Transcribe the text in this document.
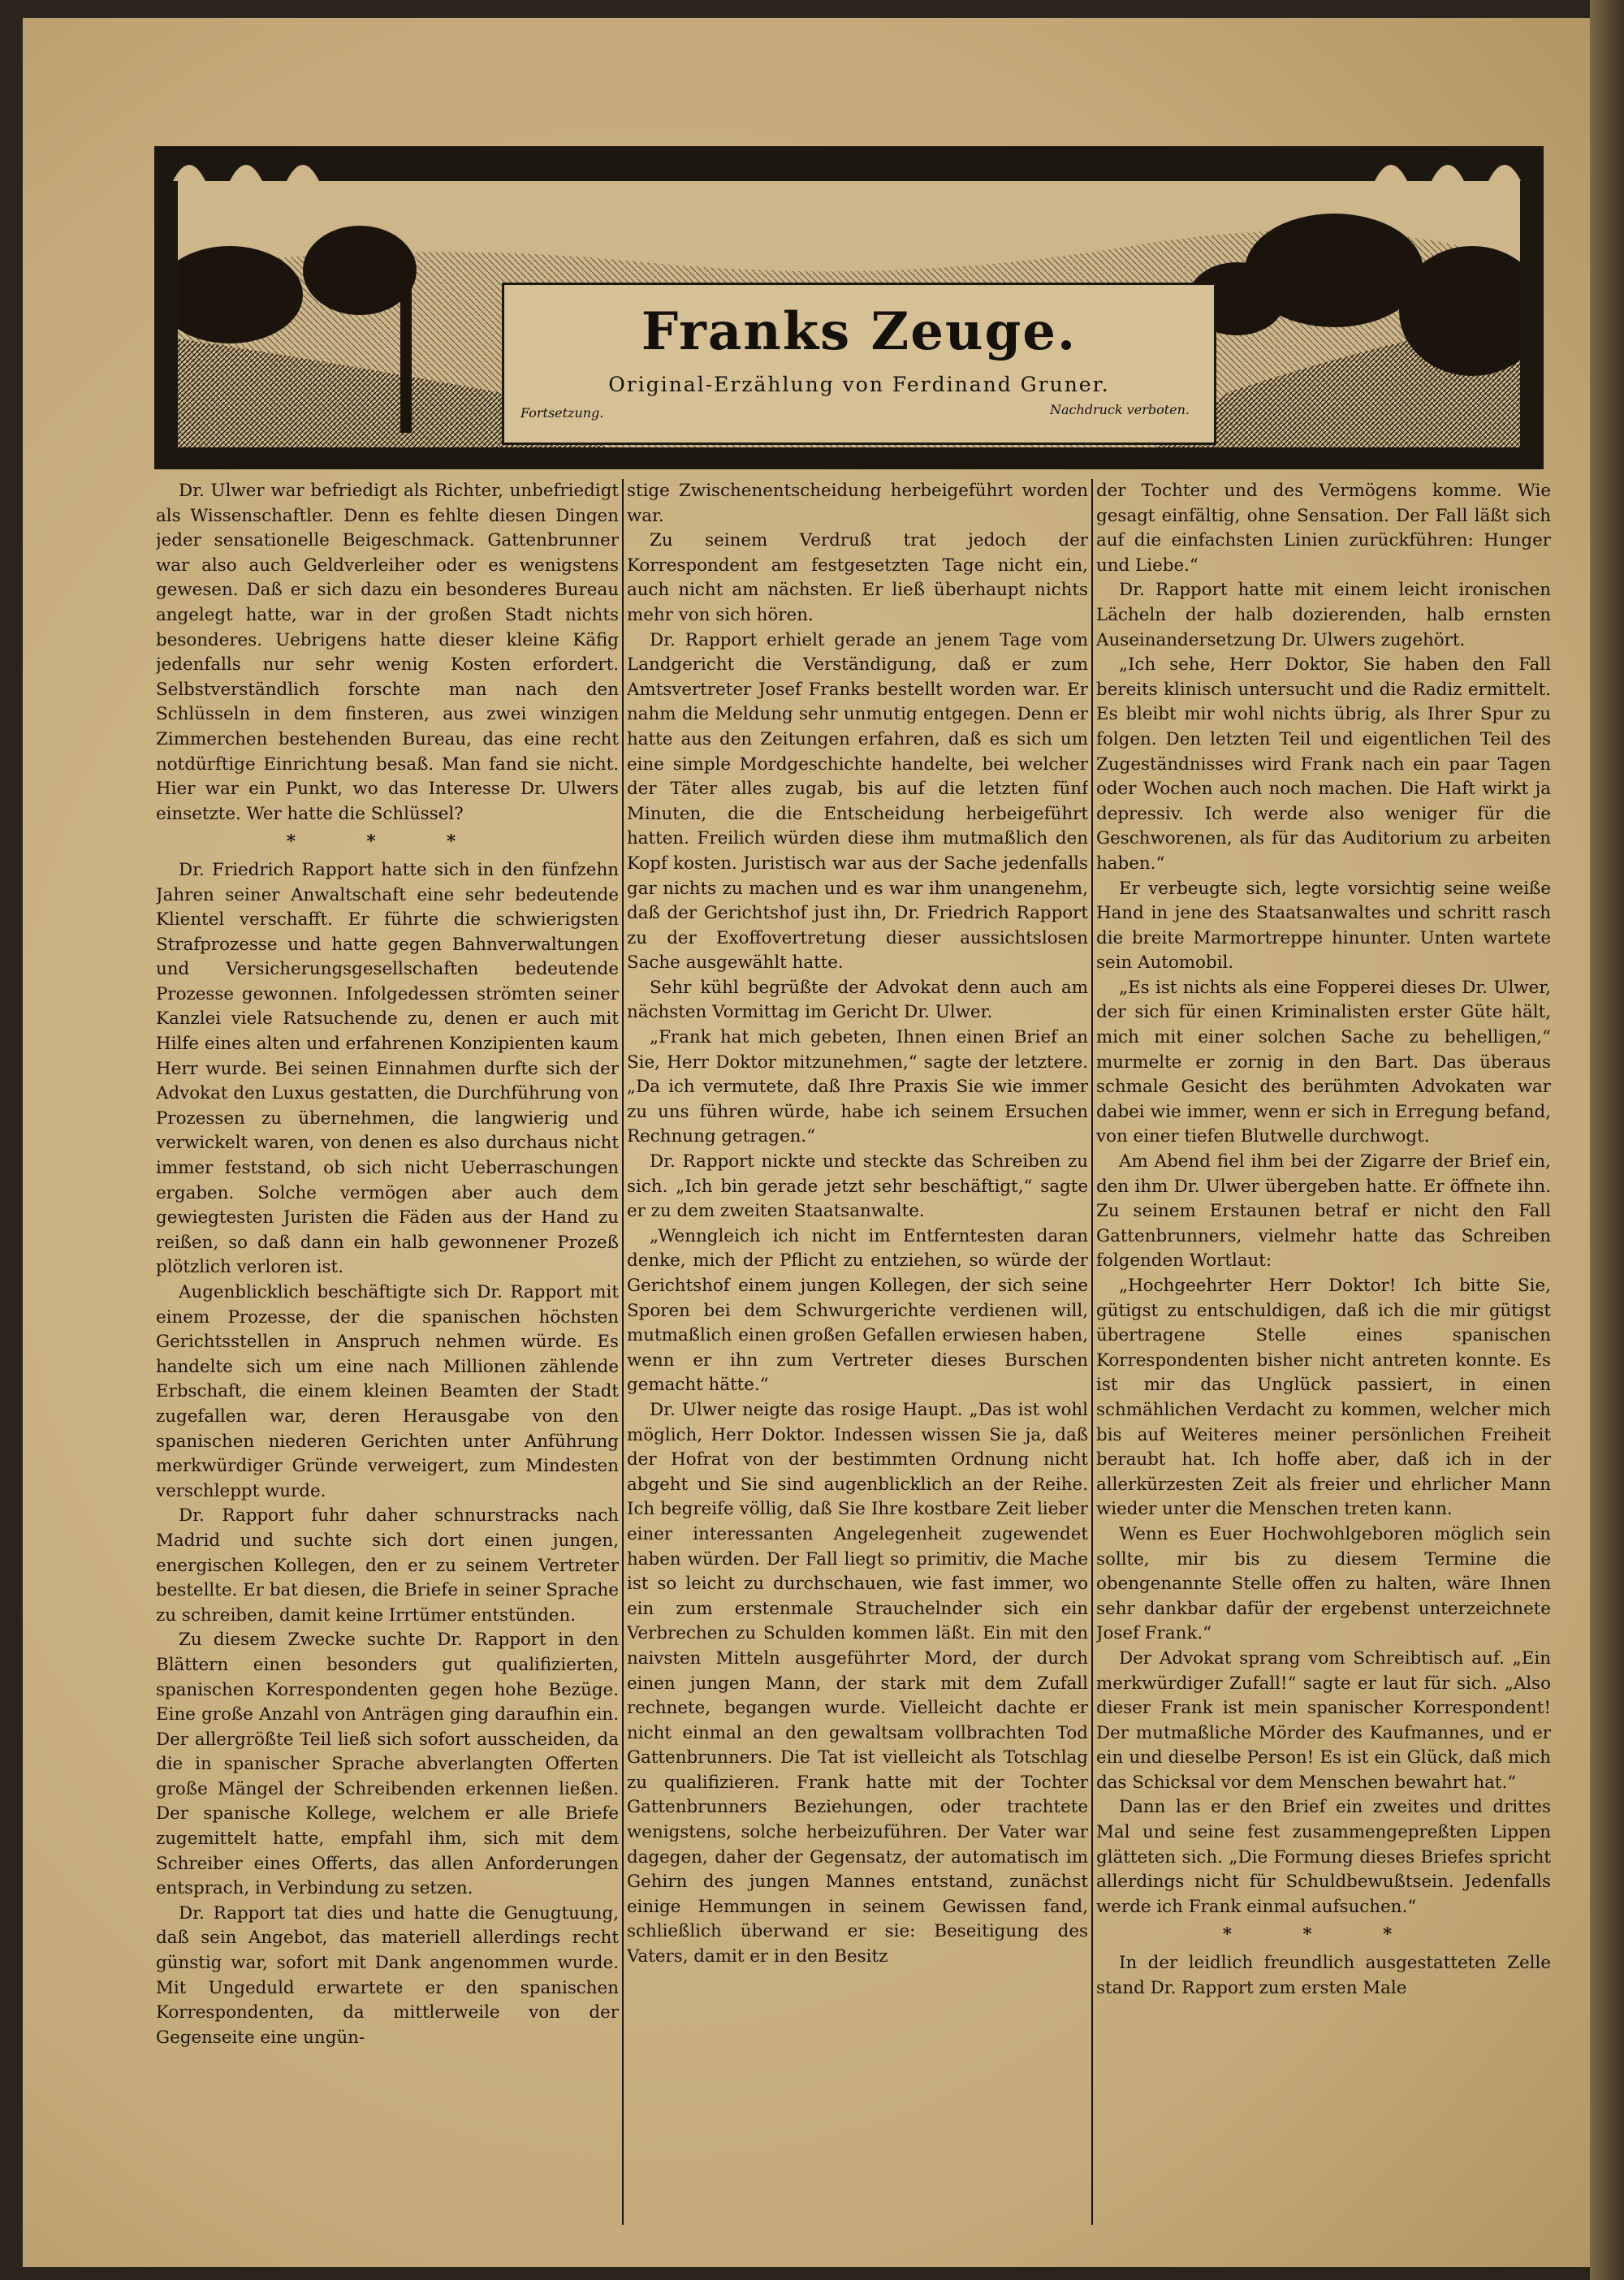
Franks Zeuge.
Original-Erzählung von Ferdinand Gruner.
Fortsetzung.	Nachdruck verboten.

Dr. Ulwer war befriedigt als Richter, unbefriedigt als Wissenschaftler. Denn es fehlte diesen Dingen jeder sensationelle Beigeschmack. Gattenbrunner war also auch Geldverleiher oder es wenigstens gewesen. Daß er sich dazu ein besonderes Bureau angelegt hatte, war in der großen Stadt nichts besonderes. Uebrigens hatte dieser kleine Käfig jedenfalls nur sehr wenig Kosten erfordert. Selbstverständlich forschte man nach den Schlüsseln in dem finsteren, aus zwei winzigen Zimmerchen bestehenden Bureau, das eine recht notdürftige Einrichtung besaß. Man fand sie nicht. Hier war ein Punkt, wo das Interesse Dr. Ulwers einsetzte. Wer hatte die Schlüssel?

* * *

Dr. Friedrich Rapport hatte sich in den fünfzehn Jahren seiner Anwaltschaft eine sehr bedeutende Klientel verschafft. Er führte die schwierigsten Strafprozesse und hatte gegen Bahnverwaltungen und Versicherungsgesellschaften bedeutende Prozesse gewonnen. Infolgedessen strömten seiner Kanzlei viele Ratsuchende zu, denen er auch mit Hilfe eines alten und erfahrenen Konzipienten kaum Herr wurde. Bei seinen Einnahmen durfte sich der Advokat den Luxus gestatten, die Durchführung von Prozessen zu übernehmen, die langwierig und verwickelt waren, von denen es also durchaus nicht immer feststand, ob sich nicht Ueberraschungen ergaben. Solche vermögen aber auch dem gewiegtesten Juristen die Fäden aus der Hand zu reißen, so daß dann ein halb gewonnener Prozeß plötzlich verloren ist.

Augenblicklich beschäftigte sich Dr. Rapport mit einem Prozesse, der die spanischen höchsten Gerichtsstellen in Anspruch nehmen würde. Es handelte sich um eine nach Millionen zählende Erbschaft, die einem kleinen Beamten der Stadt zugefallen war, deren Herausgabe von den spanischen niederen Gerichten unter Anführung merkwürdiger Gründe verweigert, zum Mindesten verschleppt wurde.

Dr. Rapport fuhr daher schnurstracks nach Madrid und suchte sich dort einen jungen, energischen Kollegen, den er zu seinem Vertreter bestellte. Er bat diesen, die Briefe in seiner Sprache zu schreiben, damit keine Irrtümer entstünden.

Zu diesem Zwecke suchte Dr. Rapport in den Blättern einen besonders gut qualifizierten, spanischen Korrespondenten gegen hohe Bezüge. Eine große Anzahl von Anträgen ging daraufhin ein. Der allergrößte Teil ließ sich sofort ausscheiden, da die in spanischer Sprache abverlangten Offerten große Mängel der Schreibenden erkennen ließen. Der spanische Kollege, welchem er alle Briefe zugemittelt hatte, empfahl ihm, sich mit dem Schreiber eines Offerts, das allen Anforderungen entsprach, in Verbindung zu setzen.

Dr. Rapport tat dies und hatte die Genugtuung, daß sein Angebot, das materiell allerdings recht günstig war, sofort mit Dank angenommen wurde. Mit Ungeduld erwartete er den spanischen Korrespondenten, da mittlerweile von der Gegenseite eine ungün-

stige Zwischenentscheidung herbeigeführt worden war.

Zu seinem Verdruß trat jedoch der Korrespondent am festgesetzten Tage nicht ein, auch nicht am nächsten. Er ließ überhaupt nichts mehr von sich hören.

Dr. Rapport erhielt gerade an jenem Tage vom Landgericht die Verständigung, daß er zum Amtsvertreter Josef Franks bestellt worden war. Er nahm die Meldung sehr unmutig entgegen. Denn er hatte aus den Zeitungen erfahren, daß es sich um eine simple Mordgeschichte handelte, bei welcher der Täter alles zugab, bis auf die letzten fünf Minuten, die die Entscheidung herbeigeführt hatten. Freilich würden diese ihm mutmaßlich den Kopf kosten. Juristisch war aus der Sache jedenfalls gar nichts zu machen und es war ihm unangenehm, daß der Gerichtshof just ihn, Dr. Friedrich Rapport zu der Exoffovertretung dieser aussichtslosen Sache ausgewählt hatte.

Sehr kühl begrüßte der Advokat denn auch am nächsten Vormittag im Gericht Dr. Ulwer.

„Frank hat mich gebeten, Ihnen einen Brief an Sie, Herr Doktor mitzunehmen,“ sagte der letztere. „Da ich vermutete, daß Ihre Praxis Sie wie immer zu uns führen würde, habe ich seinem Ersuchen Rechnung getragen.“

Dr. Rapport nickte und steckte das Schreiben zu sich. „Ich bin gerade jetzt sehr beschäftigt,“ sagte er zu dem zweiten Staatsanwalte.

„Wenngleich ich nicht im Entferntesten daran denke, mich der Pflicht zu entziehen, so würde der Gerichtshof einem jungen Kollegen, der sich seine Sporen bei dem Schwurgerichte verdienen will, mutmaßlich einen großen Gefallen erwiesen haben, wenn er ihn zum Vertreter dieses Burschen gemacht hätte.“

Dr. Ulwer neigte das rosige Haupt. „Das ist wohl möglich, Herr Doktor. Indessen wissen Sie ja, daß der Hofrat von der bestimmten Ordnung nicht abgeht und Sie sind augenblicklich an der Reihe. Ich begreife völlig, daß Sie Ihre kostbare Zeit lieber einer interessanten Angelegenheit zugewendet haben würden. Der Fall liegt so primitiv, die Mache ist so leicht zu durchschauen, wie fast immer, wo ein zum erstenmale Strauchelnder sich ein Verbrechen zu Schulden kommen läßt. Ein mit den naivsten Mitteln ausgeführter Mord, der durch einen jungen Mann, der stark mit dem Zufall rechnete, begangen wurde. Vielleicht dachte er nicht einmal an den gewaltsam vollbrachten Tod Gattenbrunners. Die Tat ist vielleicht als Totschlag zu qualifizieren. Frank hatte mit der Tochter Gattenbrunners Beziehungen, oder trachtete wenigstens, solche herbeizuführen. Der Vater war dagegen, daher der Gegensatz, der automatisch im Gehirn des jungen Mannes entstand, zunächst einige Hemmungen in seinem Gewissen fand, schließlich überwand er sie: Beseitigung des Vaters, damit er in den Besitz

der Tochter und des Vermögens komme. Wie gesagt einfältig, ohne Sensation. Der Fall läßt sich auf die einfachsten Linien zurückführen: Hunger und Liebe.“

Dr. Rapport hatte mit einem leicht ironischen Lächeln der halb dozierenden, halb ernsten Auseinandersetzung Dr. Ulwers zugehört.

„Ich sehe, Herr Doktor, Sie haben den Fall bereits klinisch untersucht und die Radiz ermittelt. Es bleibt mir wohl nichts übrig, als Ihrer Spur zu folgen. Den letzten Teil und eigentlichen Teil des Zugeständnisses wird Frank nach ein paar Tagen oder Wochen auch noch machen. Die Haft wirkt ja depressiv. Ich werde also weniger für die Geschworenen, als für das Auditorium zu arbeiten haben.“

Er verbeugte sich, legte vorsichtig seine weiße Hand in jene des Staatsanwaltes und schritt rasch die breite Marmortreppe hinunter. Unten wartete sein Automobil.

„Es ist nichts als eine Fopperei dieses Dr. Ulwer, der sich für einen Kriminalisten erster Güte hält, mich mit einer solchen Sache zu behelligen,“ murmelte er zornig in den Bart. Das überaus schmale Gesicht des berühmten Advokaten war dabei wie immer, wenn er sich in Erregung befand, von einer tiefen Blutwelle durchwogt.

Am Abend fiel ihm bei der Zigarre der Brief ein, den ihm Dr. Ulwer übergeben hatte. Er öffnete ihn. Zu seinem Erstaunen betraf er nicht den Fall Gattenbrunners, vielmehr hatte das Schreiben folgenden Wortlaut:

„Hochgeehrter Herr Doktor! Ich bitte Sie, gütigst zu entschuldigen, daß ich die mir gütigst übertragene Stelle eines spanischen Korrespondenten bisher nicht antreten konnte. Es ist mir das Unglück passiert, in einen schmählichen Verdacht zu kommen, welcher mich bis auf Weiteres meiner persönlichen Freiheit beraubt hat. Ich hoffe aber, daß ich in der allerkürzesten Zeit als freier und ehrlicher Mann wieder unter die Menschen treten kann.

Wenn es Euer Hochwohlgeboren möglich sein sollte, mir bis zu diesem Termine die obengenannte Stelle offen zu halten, wäre Ihnen sehr dankbar dafür der ergebenst unterzeichnete Josef Frank.“

Der Advokat sprang vom Schreibtisch auf. „Ein merkwürdiger Zufall!“ sagte er laut für sich. „Also dieser Frank ist mein spanischer Korrespondent! Der mutmaßliche Mörder des Kaufmannes, und er ein und dieselbe Person! Es ist ein Glück, daß mich das Schicksal vor dem Menschen bewahrt hat.“

Dann las er den Brief ein zweites und drittes Mal und seine fest zusammengepreßten Lippen glätteten sich. „Die Formung dieses Briefes spricht allerdings nicht für Schuldbewußtsein. Jedenfalls werde ich Frank einmal aufsuchen.“

* * *

In der leidlich freundlich ausgestatteten Zelle stand Dr. Rapport zum ersten Male
